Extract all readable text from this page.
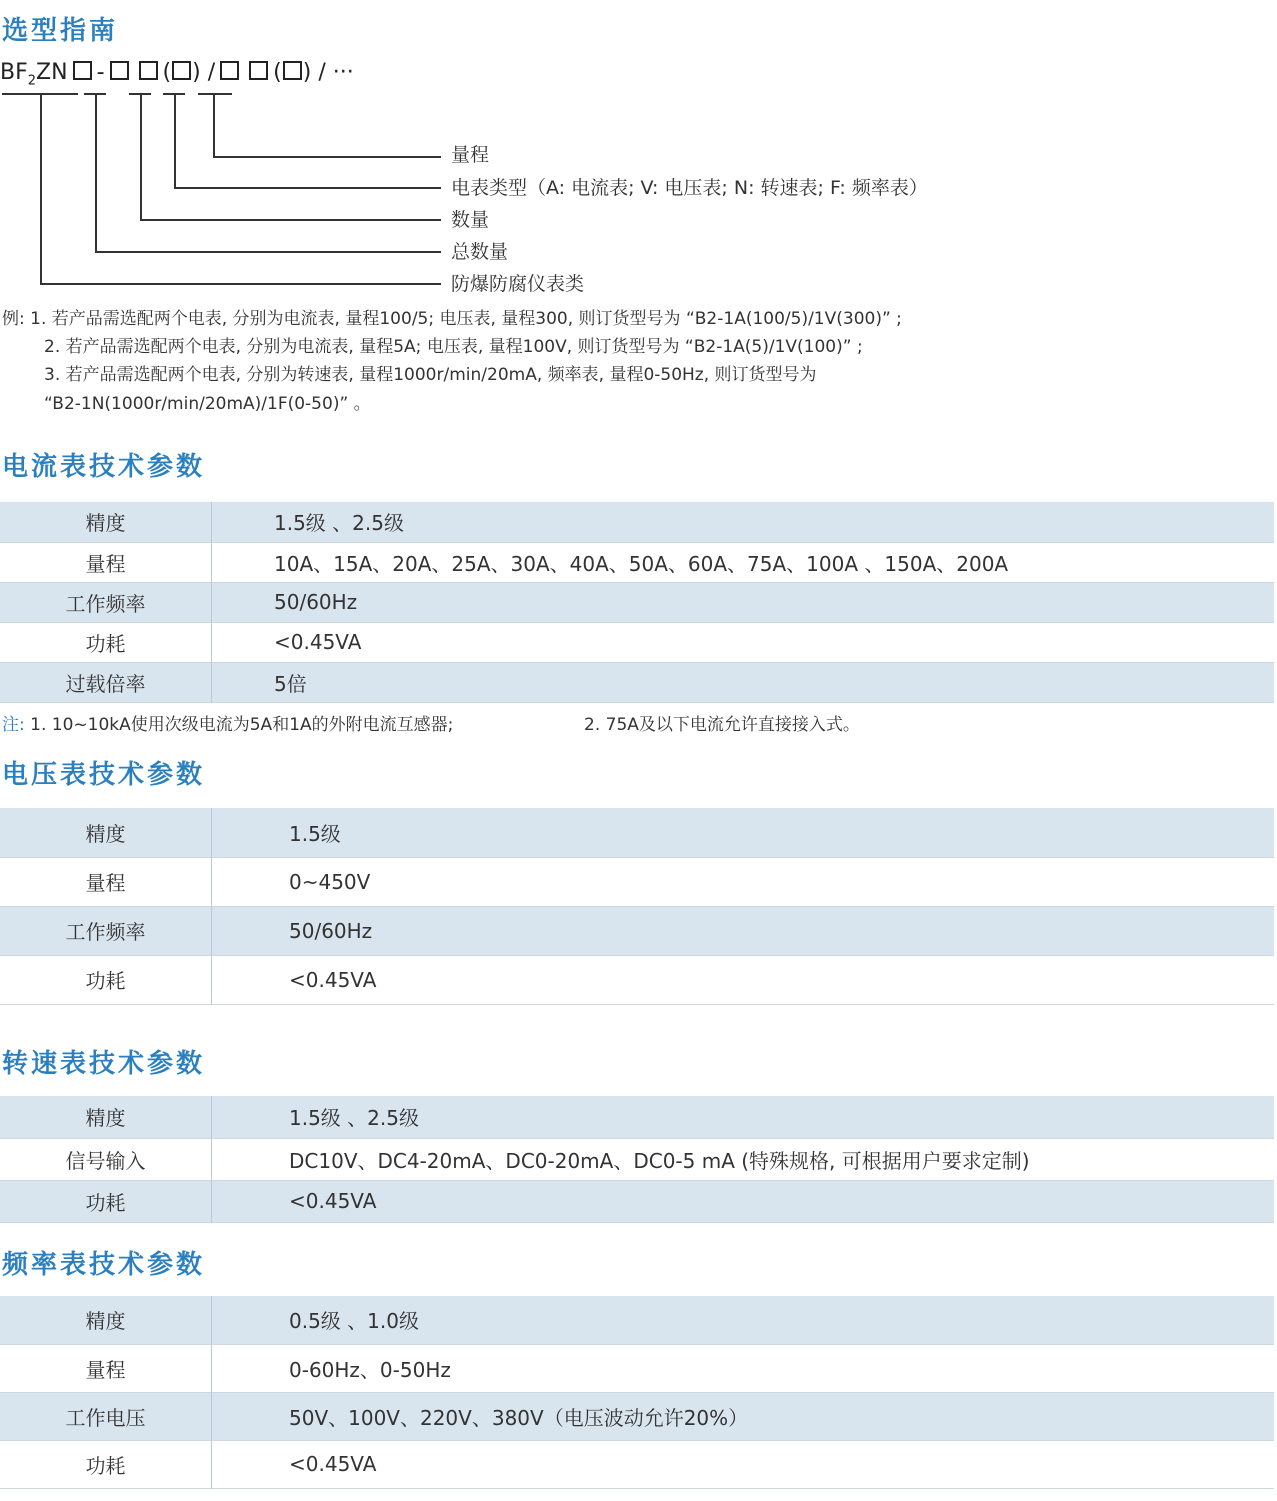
选型指南
$BF_2ZN$ -	( ) /	( ) / ···
量程
电表类型（A: 电流表; V: 电压表; N: 转速表; F: 频率表）
数量
总数量
防爆防腐仪表类
例: 1. 若产品需选配两个电表, 分别为电流表, 量程100/5; 电压表, 量程300, 则订货型号为 “B2-1A(100/5)/1V(300)” ;
2. 若产品需选配两个电表, 分别为电流表, 量程5A; 电压表, 量程100V, 则订货型号为 “B2-1A(5)/1V(100)” ;
3. 若产品需选配两个电表, 分别为转速表, 量程1000r/min/20mA, 频率表, 量程0-50Hz, 则订货型号为
“B2-1N(1000r/min/20mA)/1F(0-50)” 。
电流表技术参数
精度	1.5级 、2.5级
量程	10A、15A、20A、25A、30A、40A、50A、60A、75A、100A 、150A、200A
工作频率	50/60Hz
功耗	<0.45VA
过载倍率	5倍
注: 1. 10~10kA使用次级电流为5A和1A的外附电流互感器;	2. 75A及以下电流允许直接接入式。
电压表技术参数
精度	1.5级
量程	0~450V
工作频率	50/60Hz
功耗	<0.45VA
转速表技术参数
精度	1.5级 、2.5级
信号输入	DC10V、DC4-20mA、DC0-20mA、DC0-5 mA (特殊规格, 可根据用户要求定制)
功耗	<0.45VA
频率表技术参数
精度	0.5级 、1.0级
量程	0-60Hz、0-50Hz
工作电压	50V、100V、220V、380V（电压波动允许20%）
功耗	<0.45VA
